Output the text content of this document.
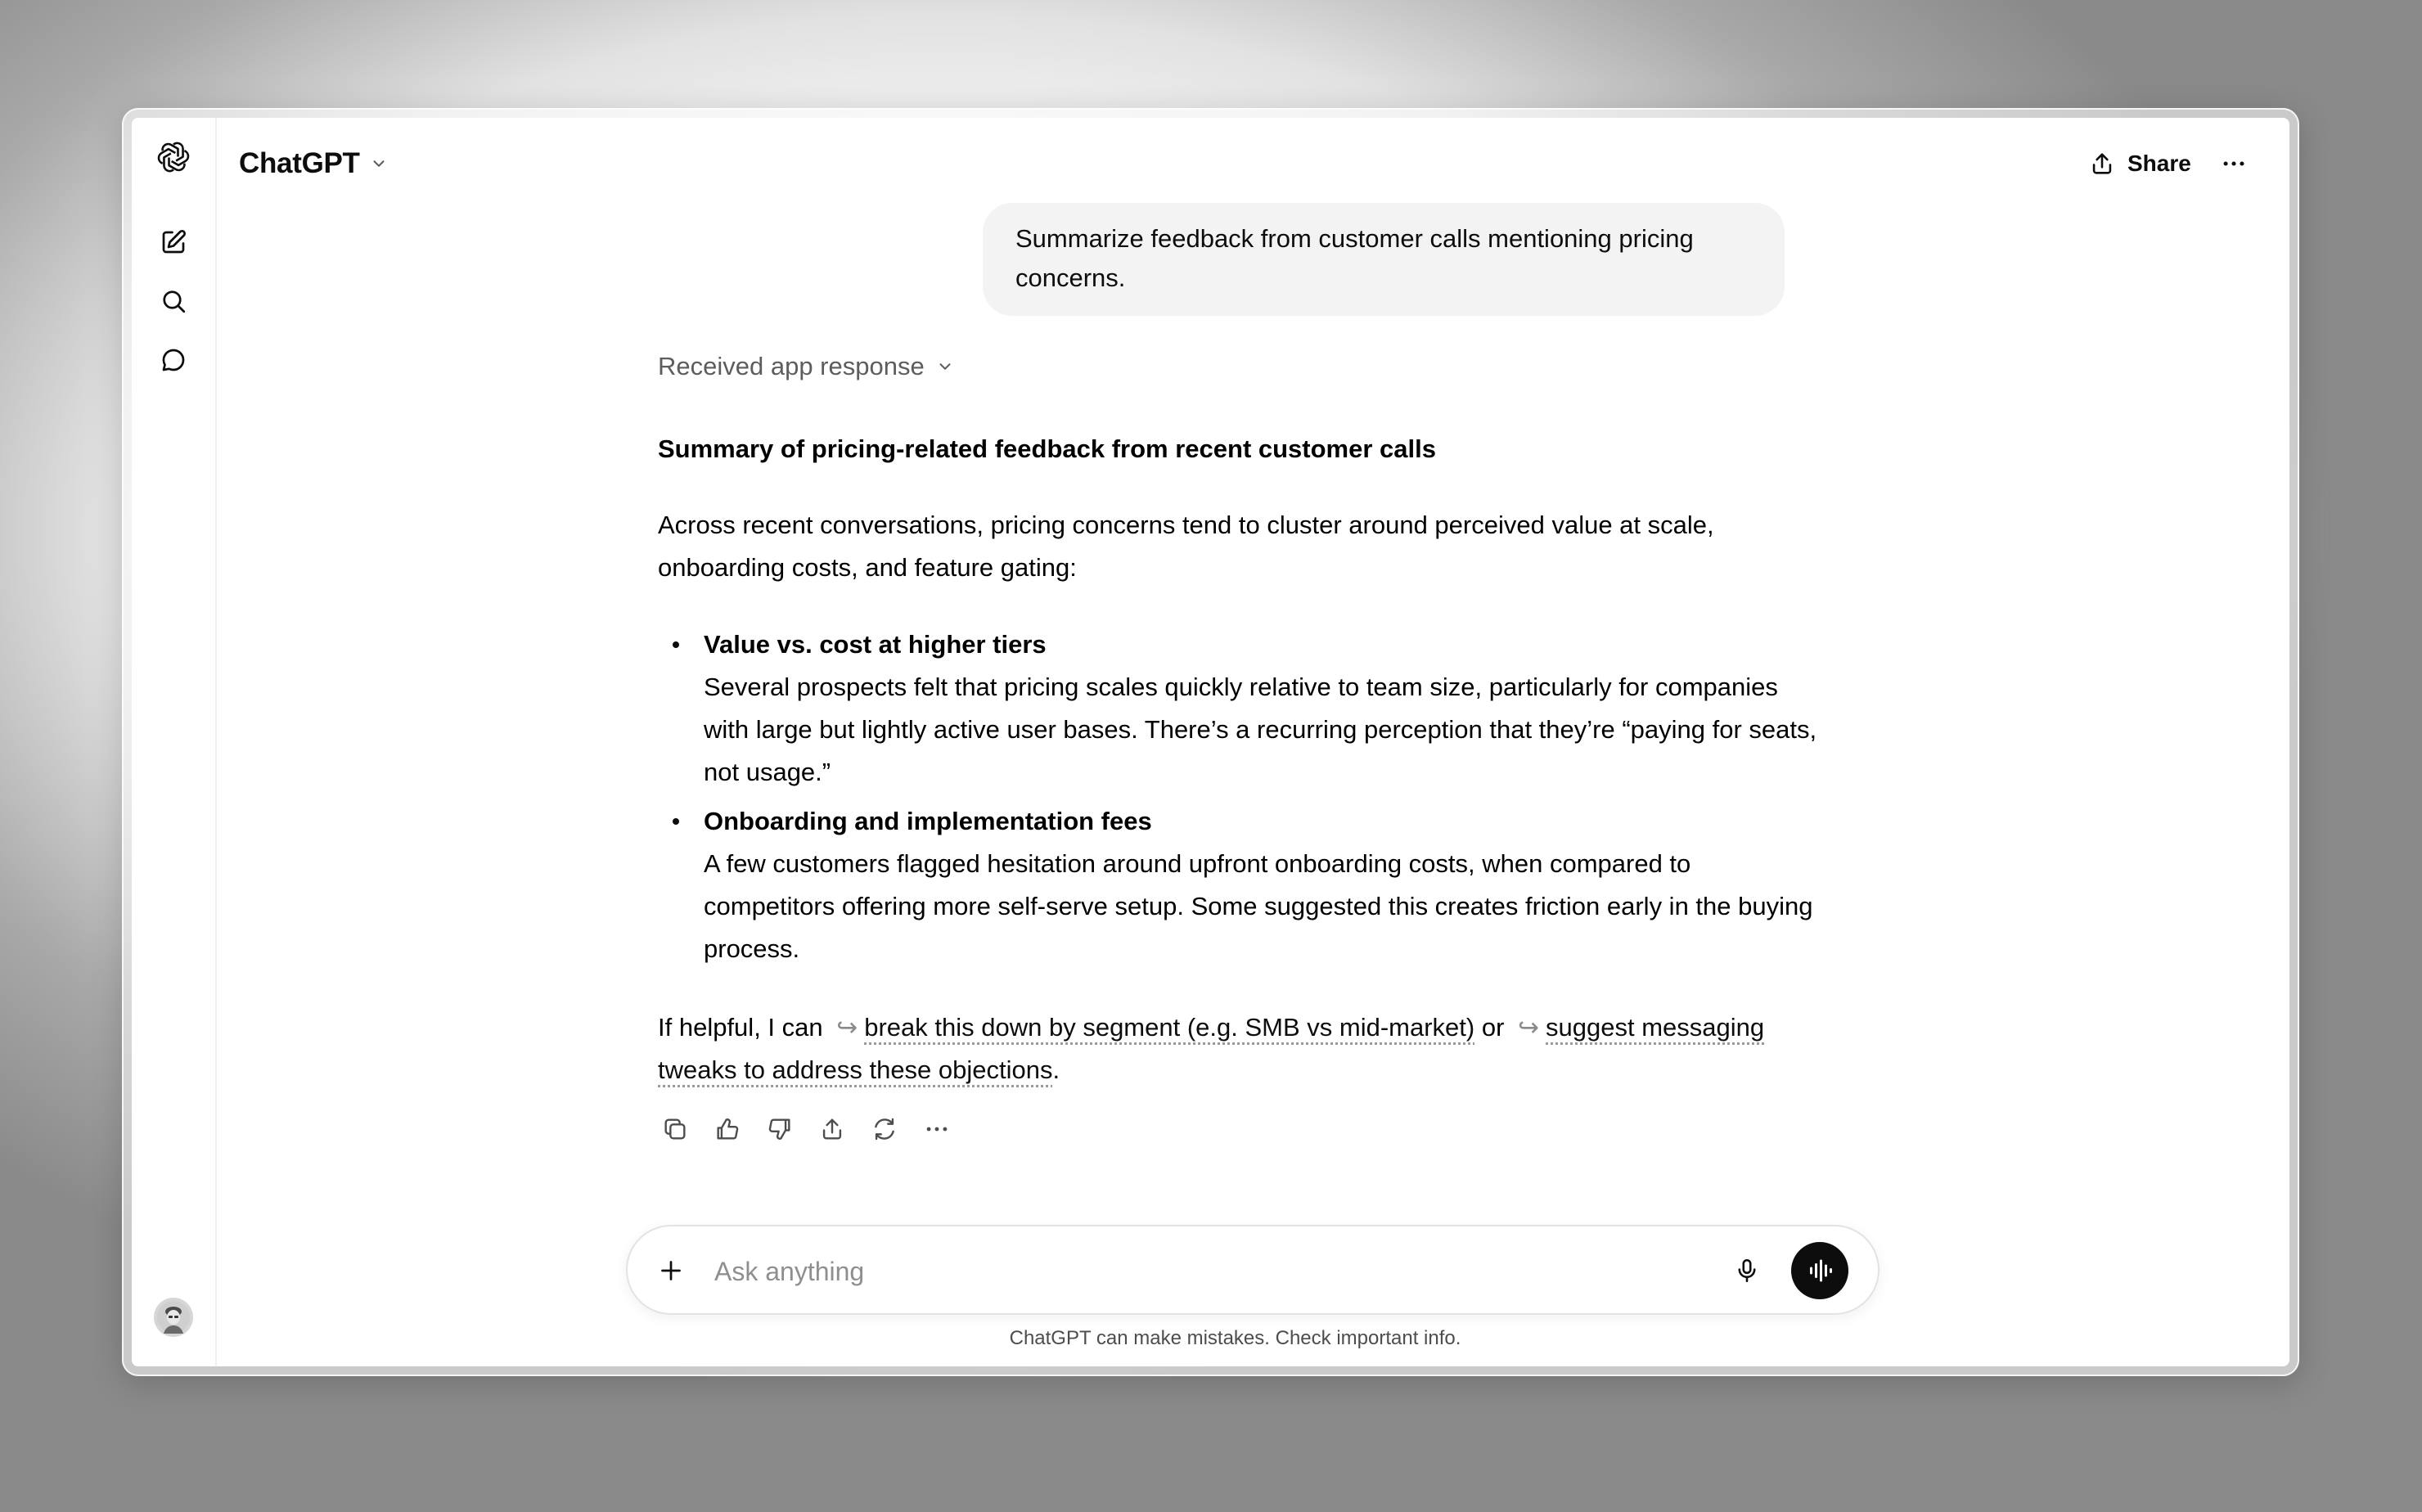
ChatGPT	Share
Summarize feedback from customer calls mentioning pricing concerns.
Received app response
Summary of pricing-related feedback from recent customer calls
Across recent conversations, pricing concerns tend to cluster around perceived value at scale, onboarding costs, and feature gating:
Value vs. cost at higher tiers
Several prospects felt that pricing scales quickly relative to team size, particularly for companies with large but lightly active user bases. There’s a recurring perception that they’re “paying for seats, not usage.”
Onboarding and implementation fees
A few customers flagged hesitation around upfront onboarding costs, when compared to competitors offering more self-serve setup. Some suggested this creates friction early in the buying process.
If helpful, I can ↪ break this down by segment (e.g. SMB vs mid-market) or ↪ suggest messaging tweaks to address these objections.
Ask anything
ChatGPT can make mistakes. Check important info.
